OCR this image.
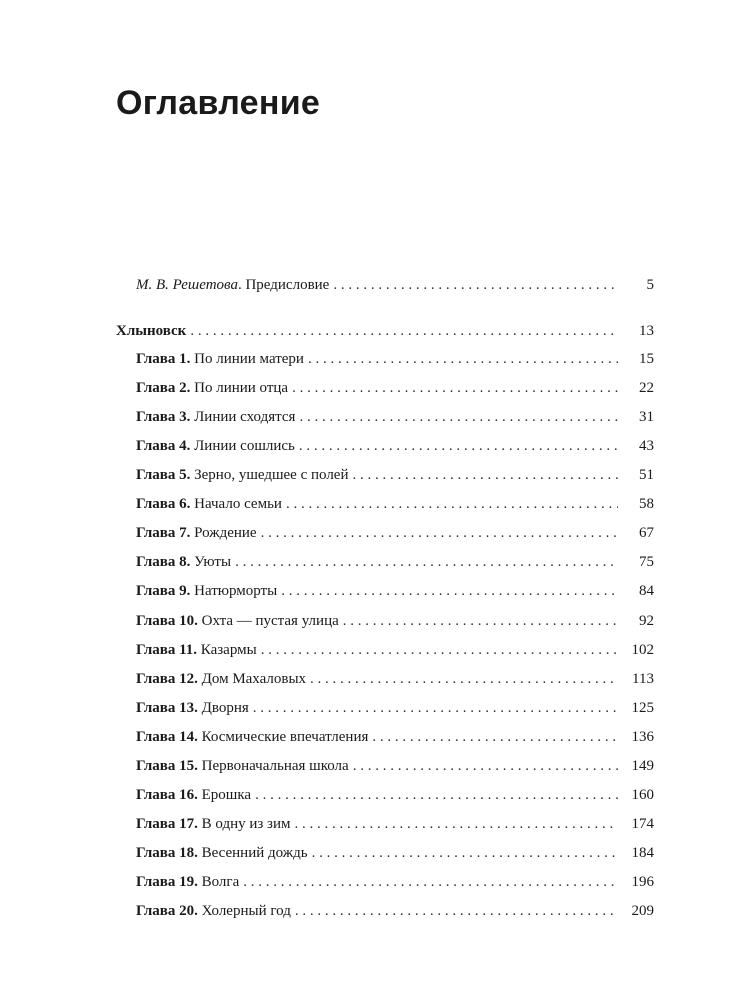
Оглавление
М. В. Решетова. Предисловие . . .	5
Хлыновск . . .	13
Глава 1. По линии матери . . .	15
Глава 2. По линии отца . . .	22
Глава 3. Линии сходятся . . .	31
Глава 4. Линии сошлись . . .	43
Глава 5. Зерно, ушедшее с полей . . .	51
Глава 6. Начало семьи . . .	58
Глава 7. Рождение . . .	67
Глава 8. Уюты . . .	75
Глава 9. Натюрморты . . .	84
Глава 10. Охта — пустая улица . . .	92
Глава 11. Казармы . . .	102
Глава 12. Дом Махаловых . . .	113
Глава 13. Дворня . . .	125
Глава 14. Космические впечатления . . .	136
Глава 15. Первоначальная школа . . .	149
Глава 16. Ерошка . . .	160
Глава 17. В одну из зим . . .	174
Глава 18. Весенний дождь . . .	184
Глава 19. Волга . . .	196
Глава 20. Холерный год . . .	209
